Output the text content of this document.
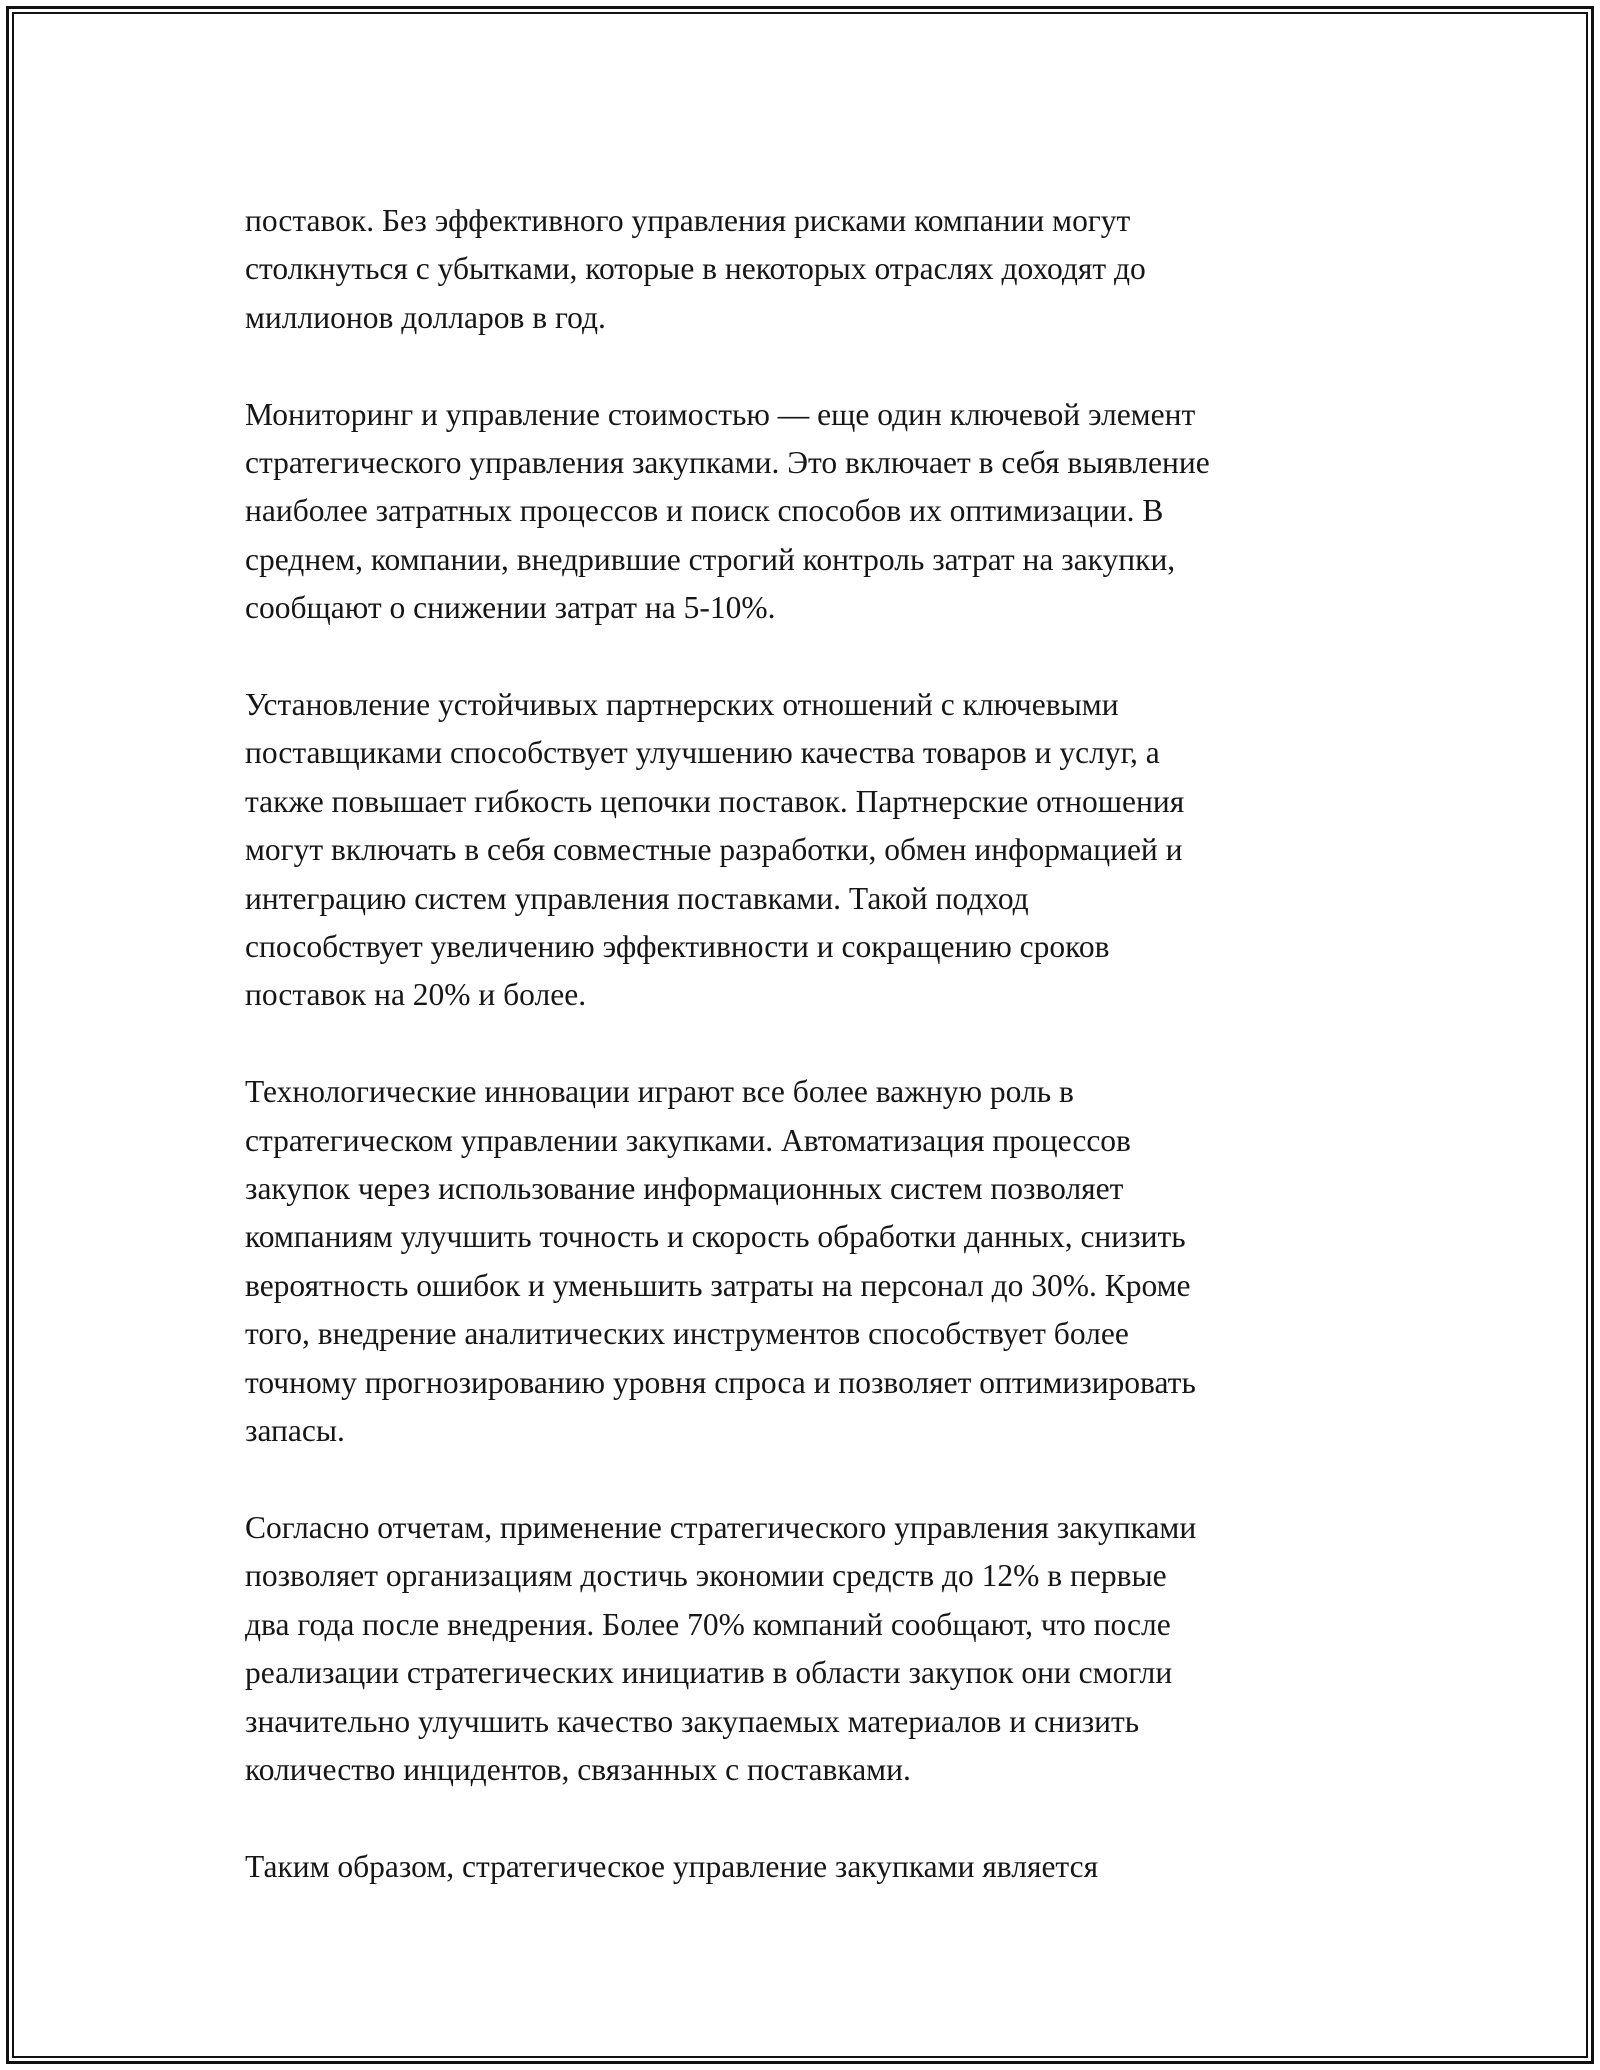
поставок. Без эффективного управления рисками компании могут
столкнуться с убытками, которые в некоторых отраслях доходят до
миллионов долларов в год.

Мониторинг и управление стоимостью — еще один ключевой элемент
стратегического управления закупками. Это включает в себя выявление
наиболее затратных процессов и поиск способов их оптимизации. В
среднем, компании, внедрившие строгий контроль затрат на закупки,
сообщают о снижении затрат на 5-10%.

Установление устойчивых партнерских отношений с ключевыми
поставщиками способствует улучшению качества товаров и услуг, а
также повышает гибкость цепочки поставок. Партнерские отношения
могут включать в себя совместные разработки, обмен информацией и
интеграцию систем управления поставками. Такой подход
способствует увеличению эффективности и сокращению сроков
поставок на 20% и более.

Технологические инновации играют все более важную роль в
стратегическом управлении закупками. Автоматизация процессов
закупок через использование информационных систем позволяет
компаниям улучшить точность и скорость обработки данных, снизить
вероятность ошибок и уменьшить затраты на персонал до 30%. Кроме
того, внедрение аналитических инструментов способствует более
точному прогнозированию уровня спроса и позволяет оптимизировать
запасы.

Согласно отчетам, применение стратегического управления закупками
позволяет организациям достичь экономии средств до 12% в первые
два года после внедрения. Более 70% компаний сообщают, что после
реализации стратегических инициатив в области закупок они смогли
значительно улучшить качество закупаемых материалов и снизить
количество инцидентов, связанных с поставками.

Таким образом, стратегическое управление закупками является
